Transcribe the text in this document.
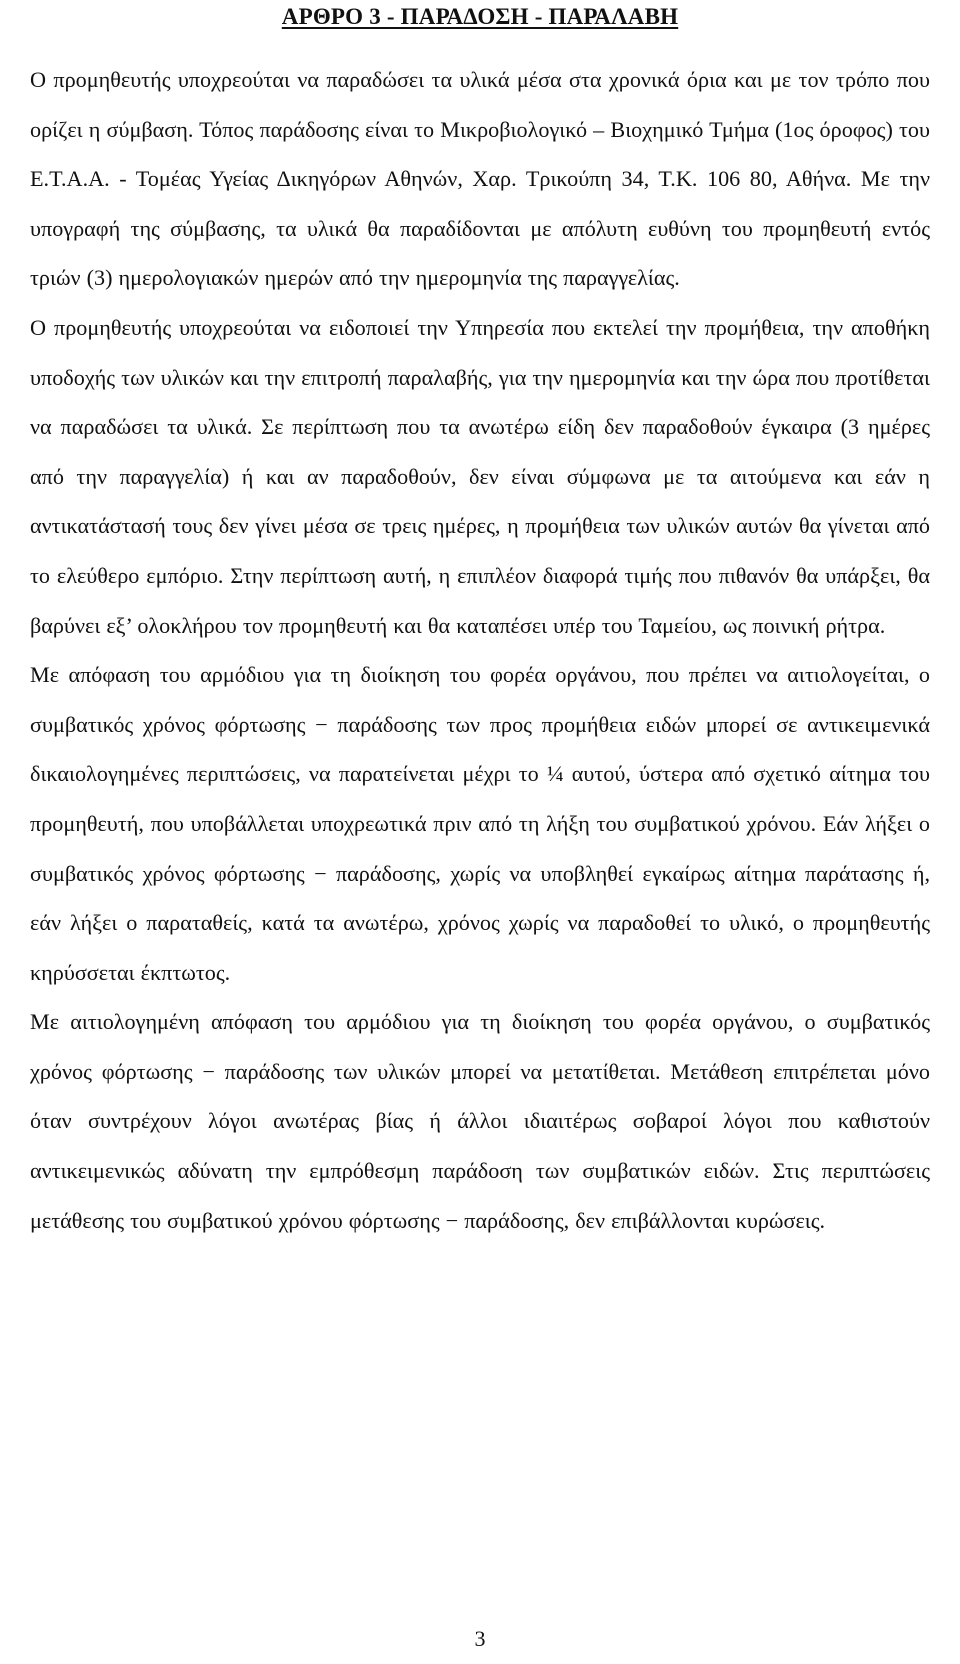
ΑΡΘΡΟ 3 - ΠΑΡΑΔΟΣΗ - ΠΑΡΑΛΑΒΗ

Ο προμηθευτής υποχρεούται να παραδώσει τα υλικά μέσα στα χρονικά όρια και με τον τρόπο που ορίζει η σύμβαση. Τόπος παράδοσης είναι το Μικροβιολογικό – Βιοχημικό Τμήμα (1ος όροφος) του Ε.Τ.Α.Α. - Τομέας Υγείας Δικηγόρων Αθηνών, Χαρ. Τρικούπη 34, Τ.Κ. 106 80, Αθήνα. Με την υπογραφή της σύμβασης, τα υλικά θα παραδίδονται με απόλυτη ευθύνη του προμηθευτή εντός τριών (3) ημερολογιακών ημερών από την ημερομηνία της παραγγελίας.

Ο προμηθευτής υποχρεούται να ειδοποιεί την Υπηρεσία που εκτελεί την προμήθεια, την αποθήκη υποδοχής των υλικών και την επιτροπή παραλαβής, για την ημερομηνία και την ώρα που προτίθεται να παραδώσει τα υλικά. Σε περίπτωση που τα ανωτέρω είδη δεν παραδοθούν έγκαιρα (3 ημέρες από την παραγγελία) ή και αν παραδοθούν, δεν είναι σύμφωνα με τα αιτούμενα και εάν η αντικατάστασή τους δεν γίνει μέσα σε τρεις ημέρες, η προμήθεια των υλικών αυτών θα γίνεται από το ελεύθερο εμπόριο. Στην περίπτωση αυτή, η επιπλέον διαφορά τιμής που πιθανόν θα υπάρξει, θα βαρύνει εξ’ ολοκλήρου τον προμηθευτή και θα καταπέσει υπέρ του Ταμείου, ως ποινική ρήτρα.

Με απόφαση του αρμόδιου για τη διοίκηση του φορέα οργάνου, που πρέπει να αιτιολογείται, ο συμβατικός χρόνος φόρτωσης − παράδοσης των προς προμήθεια ειδών μπορεί σε αντικειμενικά δικαιολογημένες περιπτώσεις, να παρατείνεται μέχρι το ¼ αυτού, ύστερα από σχετικό αίτημα του προμηθευτή, που υποβάλλεται υποχρεωτικά πριν από τη λήξη του συμβατικού χρόνου. Εάν λήξει ο συμβατικός χρόνος φόρτωσης − παράδοσης, χωρίς να υποβληθεί εγκαίρως αίτημα παράτασης ή, εάν λήξει ο παραταθείς, κατά τα ανωτέρω, χρόνος χωρίς να παραδοθεί το υλικό, ο προμηθευτής κηρύσσεται έκπτωτος.

Με αιτιολογημένη απόφαση του αρμόδιου για τη διοίκηση του φορέα οργάνου, ο συμβατικός χρόνος φόρτωσης − παράδοσης των υλικών μπορεί να μετατίθεται. Μετάθεση επιτρέπεται μόνο όταν συντρέχουν λόγοι ανωτέρας βίας ή άλλοι ιδιαιτέρως σοβαροί λόγοι που καθιστούν αντικειμενικώς αδύνατη την εμπρόθεσμη παράδοση των συμβατικών ειδών. Στις περιπτώσεις μετάθεσης του συμβατικού χρόνου φόρτωσης − παράδοσης, δεν επιβάλλονται κυρώσεις.

3
